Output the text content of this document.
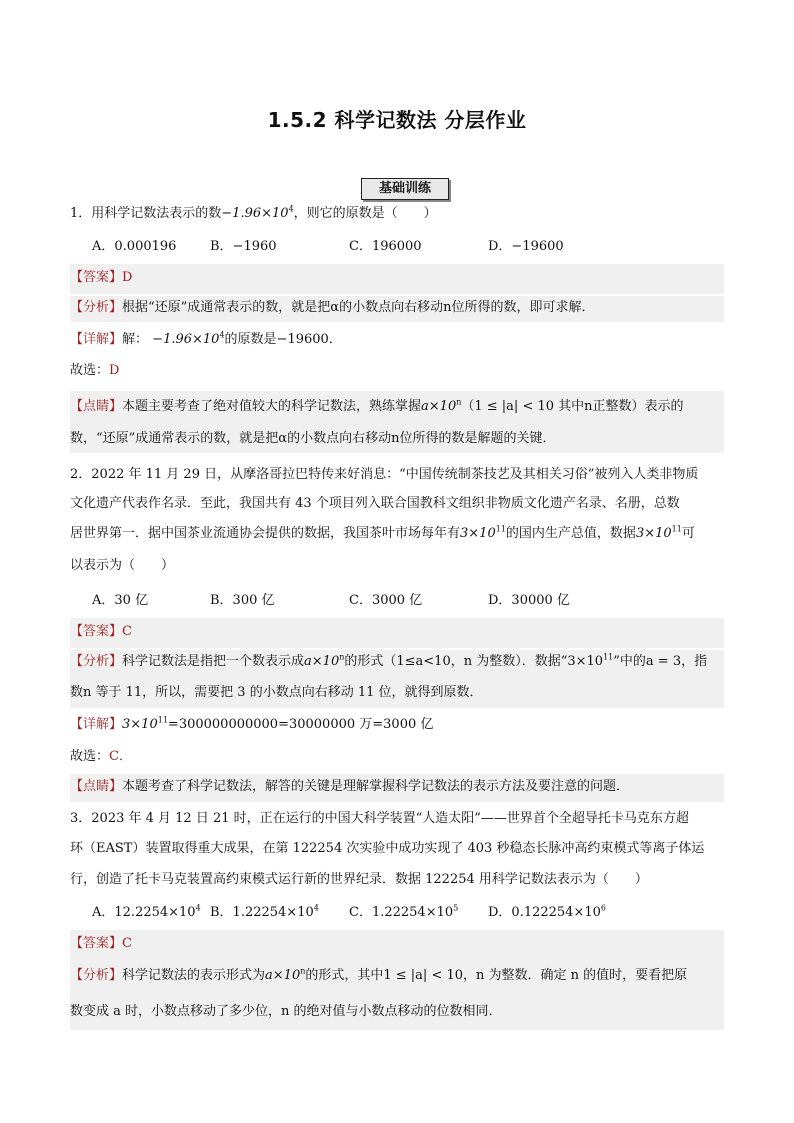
1.5.2 科学记数法 分层作业
基础训练
1．用科学记数法表示的数$-1.96\times 10^4$，则它的原数是（　　）
A．0.000196	B．−1960	C．196000	D．−19600
【答案】D
【分析】根据“还原”成通常表示的数，就是把α的小数点向右移动n位所得的数，即可求解．
【详解】解： $-1.96\times 10^4$的原数是−19600．
故选：D
【点睛】本题主要考查了绝对值较大的科学记数法，熟练掌握$a\times 10^n(1 \le |a| < 10$ 其中n正整数）表示的
数，“还原”成通常表示的数，就是把α的小数点向右移动n位所得的数是解题的关键．
2．2022 年 11 月 29 日，从摩洛哥拉巴特传来好消息：“中国传统制茶技艺及其相关习俗”被列入人类非物质
文化遗产代表作名录．至此，我国共有 43 个项目列入联合国教科文组织非物质文化遗产名录、名册，总数
居世界第一．据中国茶业流通协会提供的数据，我国茶叶市场每年有$3\times 10^{11}$的国内生产总值，数据$3\times 10^{11}$可
以表示为（　　）
A．30 亿	B．300 亿	C．3000 亿	D．30000 亿
【答案】C
【分析】科学记数法是指把一个数表示成$a\times 10^n$的形式（1≤a<10，n 为整数）．数据“$3\times 10^{11}$”中的a = 3，指
数n 等于 11，所以，需要把 3 的小数点向右移动 11 位，就得到原数．
【详解】$3\times 10^{11}=300000000000=30000000$ 万=3000 亿
故选：C．
【点睛】本题考查了科学记数法，解答的关键是理解掌握科学记数法的表示方法及要注意的问题．
3．2023 年 4 月 12 日 21 时，正在运行的中国大科学装置“人造太阳”——世界首个全超导托卡马克东方超
环（EAST）装置取得重大成果，在第 122254 次实验中成功实现了 403 秒稳态长脉冲高约束模式等离子体运
行，创造了托卡马克装置高约束模式运行新的世界纪录．数据 122254 用科学记数法表示为（　　）
A．$12.2254\times 10^4$ B．$1.22254\times 10^4$ C．$1.22254\times 10^5$ D．$0.122254\times 10^6$
【答案】C
【分析】科学记数法的表示形式为$a\times 10^n$的形式，其中1 ≤ |a| < 10，n 为整数．确定 n 的值时，要看把原
数变成 a 时，小数点移动了多少位，n 的绝对值与小数点移动的位数相同．
